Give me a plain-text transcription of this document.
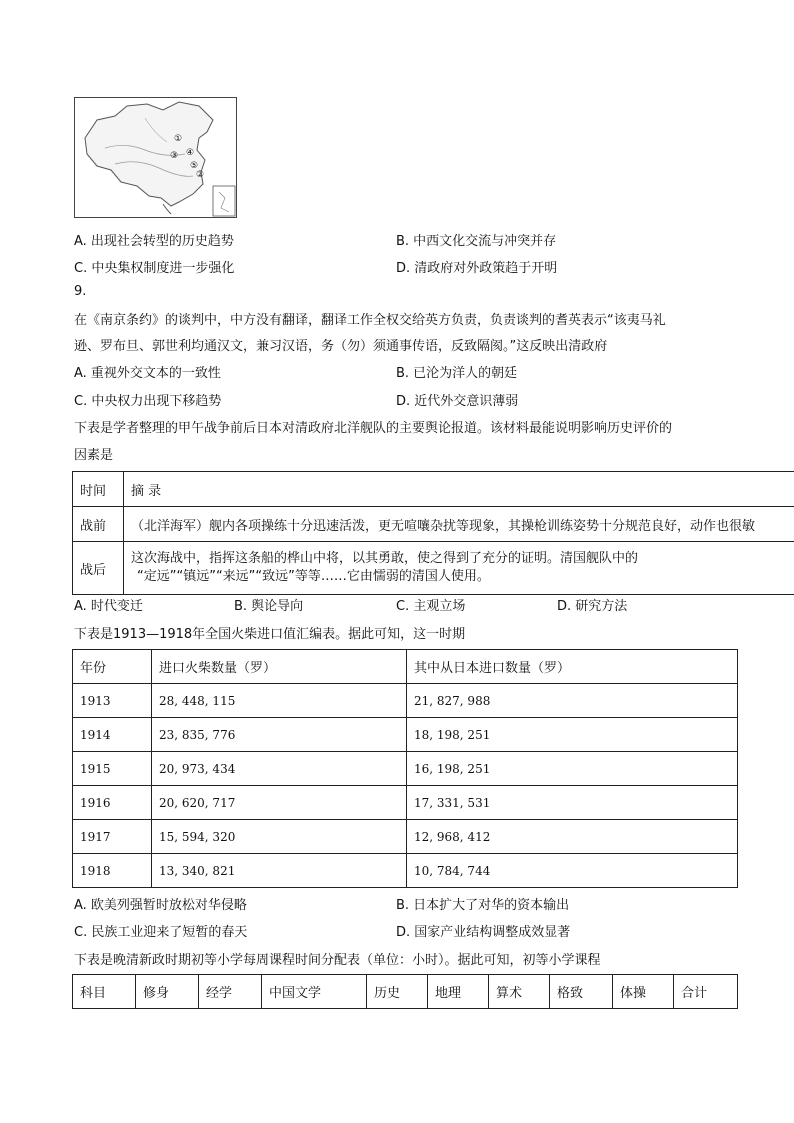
①
②
③ ④
⑤
A. 出现社会转型的历史趋势	B. 中西文化交流与冲突并存
C. 中央集权制度进一步强化	D. 清政府对外政策趋于开明
9.
在《南京条约》的谈判中，中方没有翻译，翻译工作全权交给英方负责，负责谈判的耆英表示“该夷马礼
逊、罗布旦、郭世利均通汉文，兼习汉语，务（勿）须通事传语，反致隔阂。”这反映出清政府
A. 重视外交文本的一致性	B. 已沦为洋人的朝廷
C. 中央权力出现下移趋势	D. 近代外交意识薄弱
下表是学者整理的甲午战争前后日本对清政府北洋舰队的主要舆论报道。该材料最能说明影响历史评价的
因素是
时间	摘 录
战前	（北洋海军）舰内各项操练十分迅速活泼，更无喧嚷杂扰等现象，其操枪训练姿势十分规范良好，动作也很敏
战后	这次海战中，指挥这条船的桦山中将，以其勇敢，使之得到了充分的证明。清国舰队中的
“定远”“镇远”“来远”“致远”等等……它由懦弱的清国人使用。
A. 时代变迁	B. 舆论导向	C. 主观立场	D. 研究方法
下表是1913—1918年全国火柴进口值汇编表。据此可知，这一时期
年份	进口火柴数量（罗）	其中从日本进口数量（罗）
1913	28, 448, 115	21, 827, 988
1914	23, 835, 776	18, 198, 251
1915	20, 973, 434	16, 198, 251
1916	20, 620, 717	17, 331, 531
1917	15, 594, 320	12, 968, 412
1918	13, 340, 821	10, 784, 744
A. 欧美列强暂时放松对华侵略	B. 日本扩大了对华的资本输出
C. 民族工业迎来了短暂的春天	D. 国家产业结构调整成效显著
下表是晚清新政时期初等小学每周课程时间分配表（单位：小时）。据此可知，初等小学课程
科目	修身	经学	中国文学	历史	地理	算术	格致	体操	合计
